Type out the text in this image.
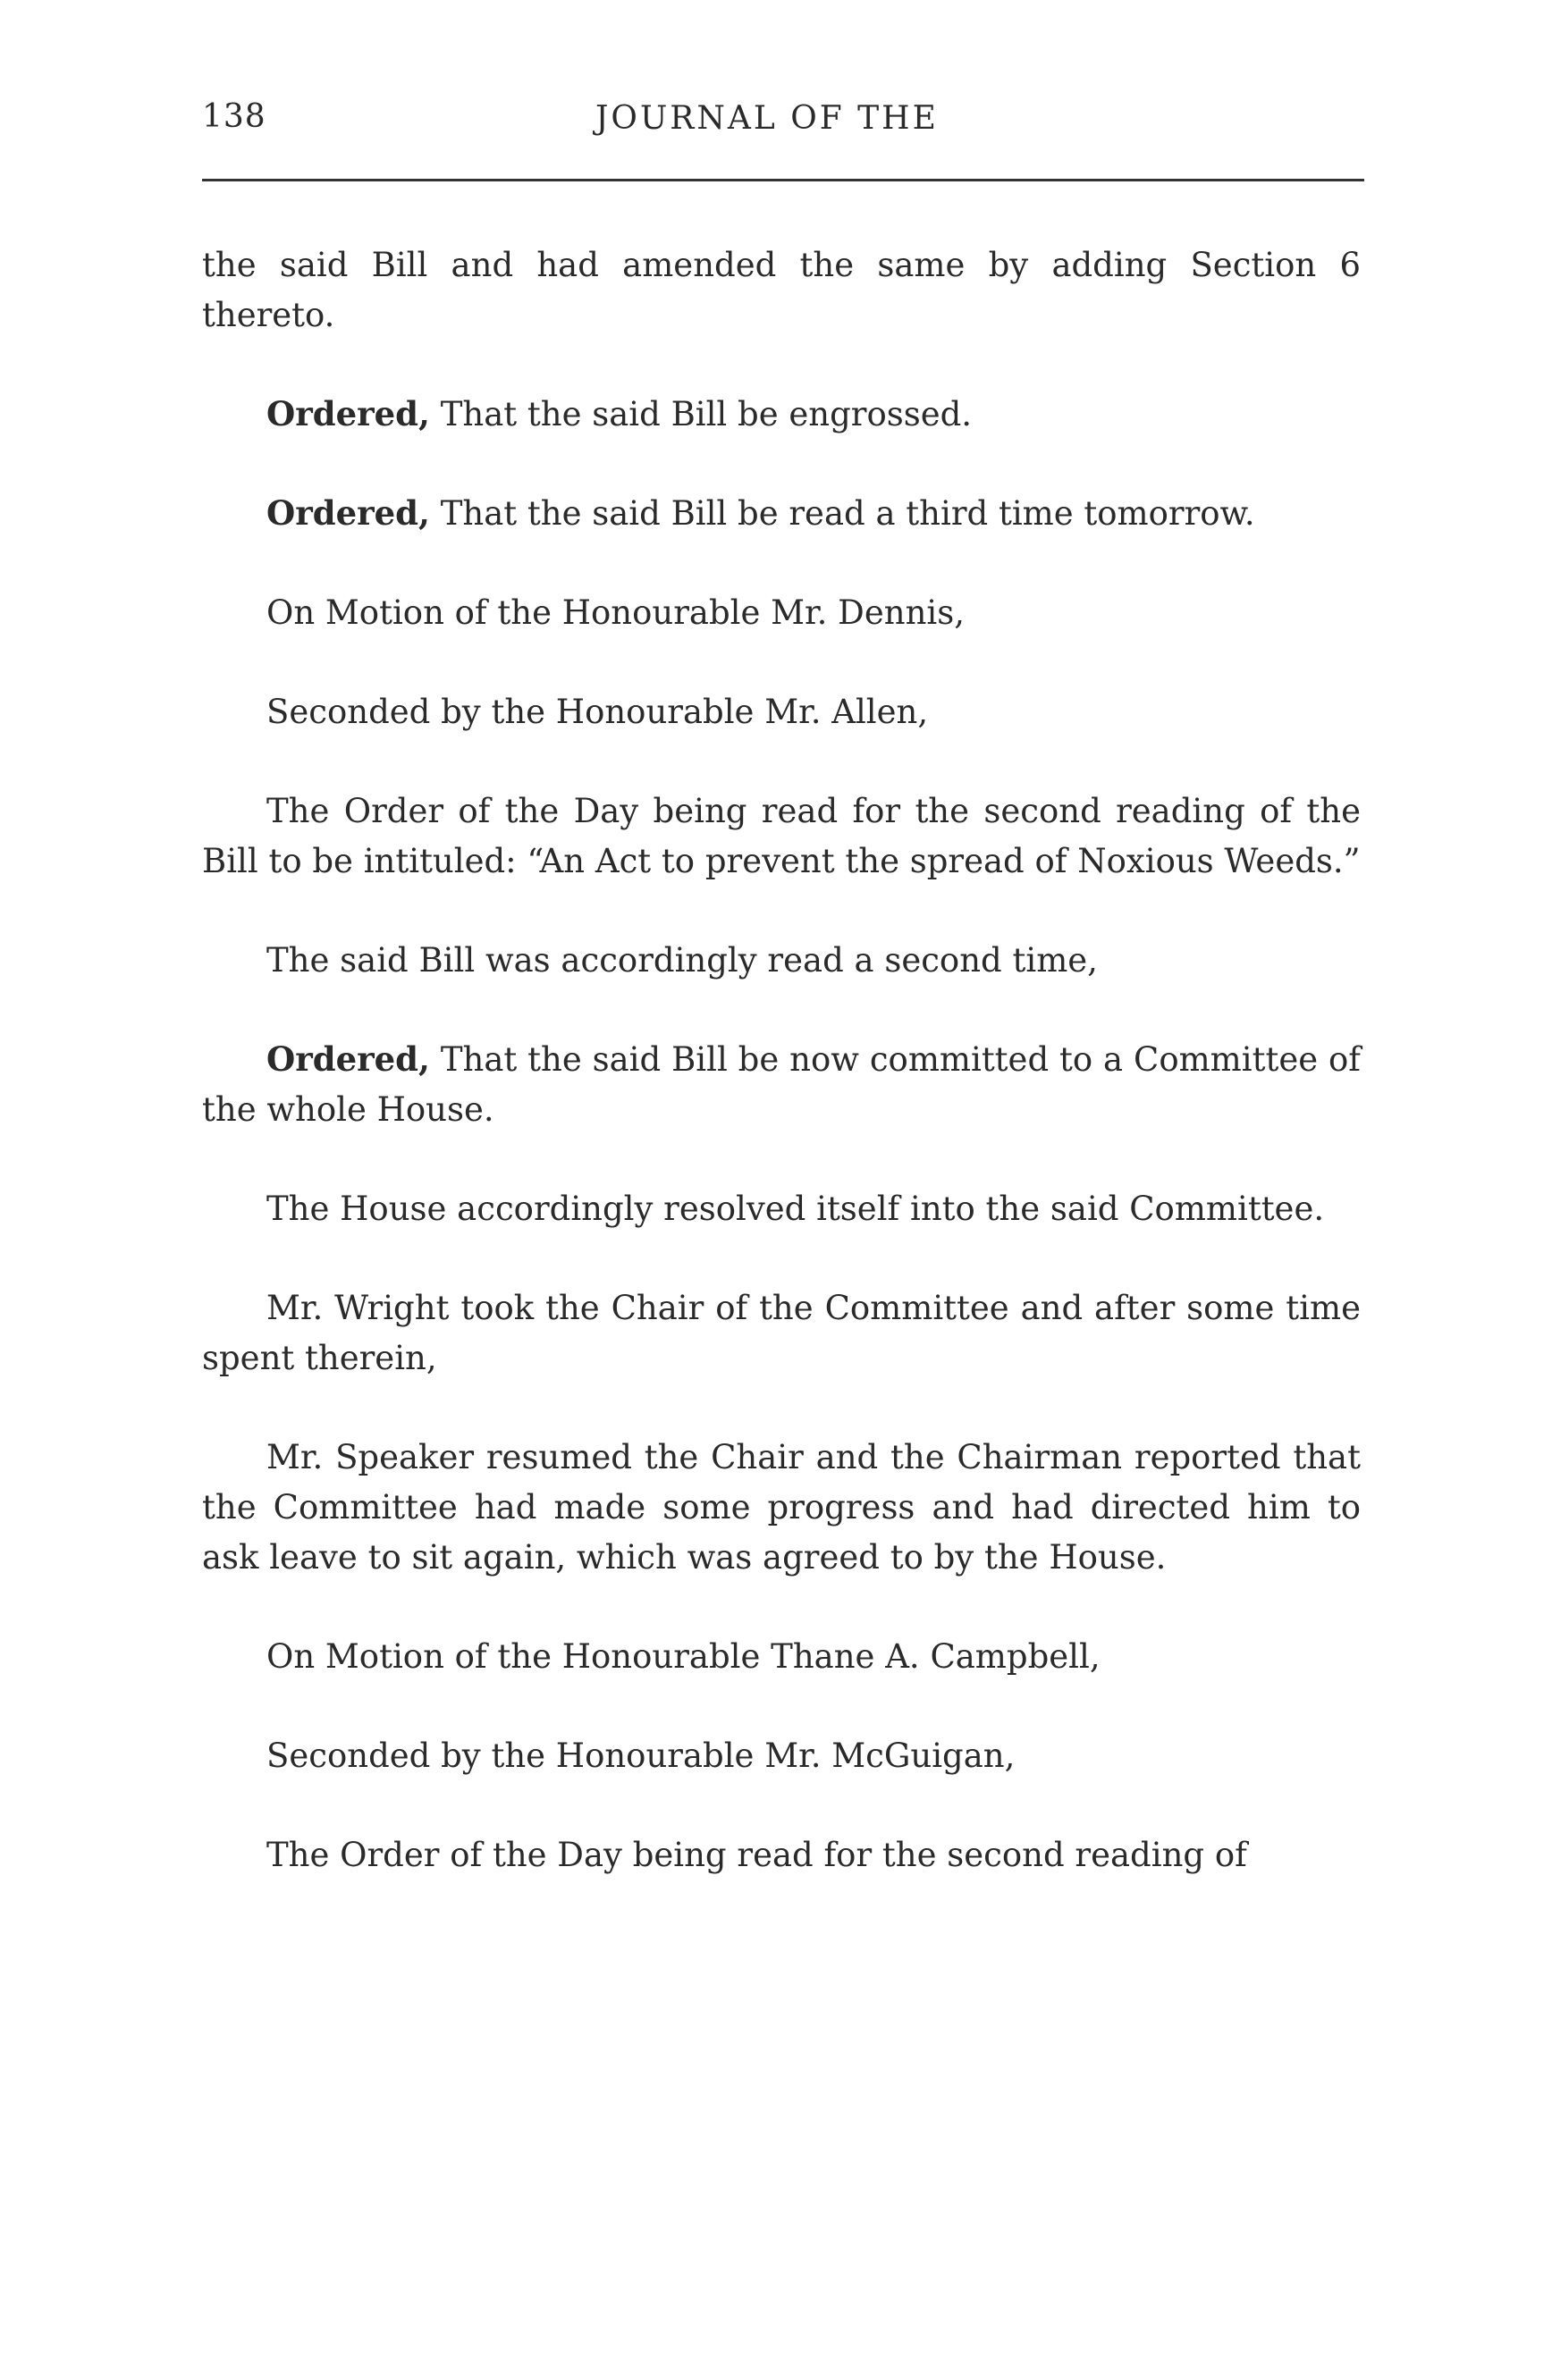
138	JOURNAL OF THE

the said Bill and had amended the same by adding Section 6 thereto.

Ordered, That the said Bill be engrossed.

Ordered, That the said Bill be read a third time tomorrow.

On Motion of the Honourable Mr. Dennis,

Seconded by the Honourable Mr. Allen,

The Order of the Day being read for the second reading of the Bill to be intituled: “An Act to prevent the spread of Noxious Weeds.”

The said Bill was accordingly read a second time,

Ordered, That the said Bill be now committed to a Committee of the whole House.

The House accordingly resolved itself into the said Committee.

Mr. Wright took the Chair of the Committee and after some time spent therein,

Mr. Speaker resumed the Chair and the Chairman reported that the Committee had made some progress and had directed him to ask leave to sit again, which was agreed to by the House.

On Motion of the Honourable Thane A. Campbell,

Seconded by the Honourable Mr. McGuigan,

The Order of the Day being read for the second reading of
